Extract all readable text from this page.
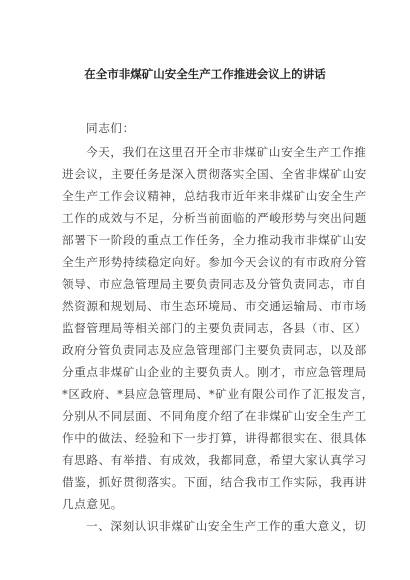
在全市非煤矿山安全生产工作推进会议上的讲话
同志们：
今天，我们在这里召开全市非煤矿山安全生产工作推
进会议，主要任务是深入贯彻落实全国、全省非煤矿山安
全生产工作会议精神，总结我市近年来非煤矿山安全生产
工作的成效与不足，分析当前面临的严峻形势与突出问题
部署下一阶段的重点工作任务，全力推动我市非煤矿山安
全生产形势持续稳定向好。参加今天会议的有市政府分管
领导、市应急管理局主要负责同志及分管负责同志，市自
然资源和规划局、市生态环境局、市交通运输局、市市场
监督管理局等相关部门的主要负责同志，各县（市、区）
政府分管负责同志及应急管理部门主要负责同志，以及部
分重点非煤矿山企业的主要负责人。刚才，市应急管理局
*区政府、*县应急管理局、*矿业有限公司作了汇报发言，
分别从不同层面、不同角度介绍了在非煤矿山安全生产工
作中的做法、经验和下一步打算，讲得都很实在、很具体
有思路、有举措、有成效，我都同意，希望大家认真学习
借鉴，抓好贯彻落实。下面，结合我市工作实际，我再讲
几点意见。
一、深刻认识非煤矿山安全生产工作的重大意义，切
